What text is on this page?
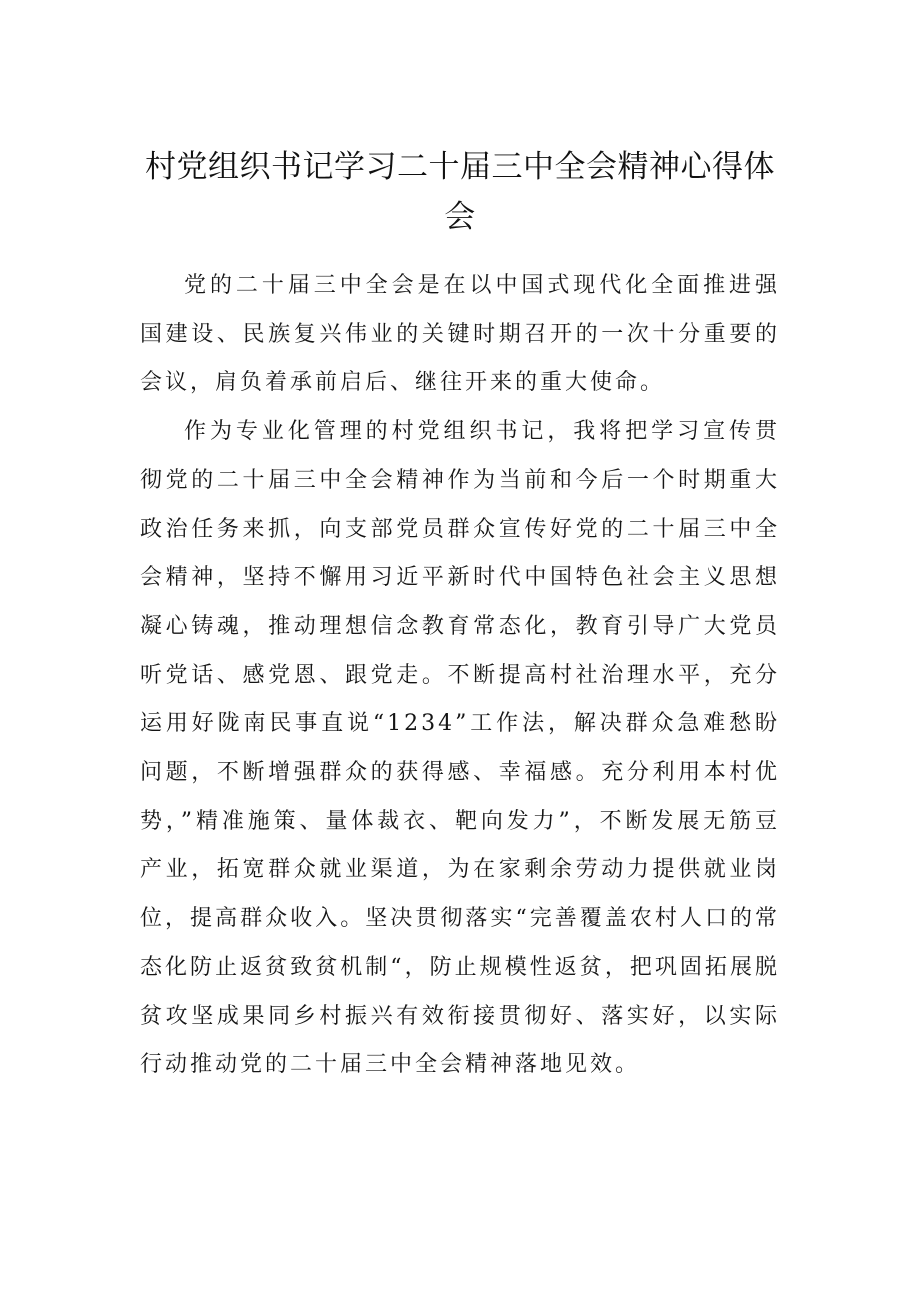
村党组织书记学习二十届三中全会精神心得体会

党的二十届三中全会是在以中国式现代化全面推进强国建设、民族复兴伟业的关键时期召开的一次十分重要的会议，肩负着承前启后、继往开来的重大使命。

作为专业化管理的村党组织书记，我将把学习宣传贯彻党的二十届三中全会精神作为当前和今后一个时期重大政治任务来抓，向支部党员群众宣传好党的二十届三中全会精神，坚持不懈用习近平新时代中国特色社会主义思想凝心铸魂，推动理想信念教育常态化，教育引导广大党员听党话、感党恩、跟党走。不断提高村社治理水平，充分运用好陇南民事直说“1234”工作法，解决群众急难愁盼问题，不断增强群众的获得感、幸福感。充分利用本村优势，”精准施策、量体裁衣、靶向发力”，不断发展无筋豆产业，拓宽群众就业渠道，为在家剩余劳动力提供就业岗位，提高群众收入。坚决贯彻落实“完善覆盖农村人口的常态化防止返贫致贫机制“，防止规模性返贫，把巩固拓展脱贫攻坚成果同乡村振兴有效衔接贯彻好、落实好，以实际行动推动党的二十届三中全会精神落地见效。
